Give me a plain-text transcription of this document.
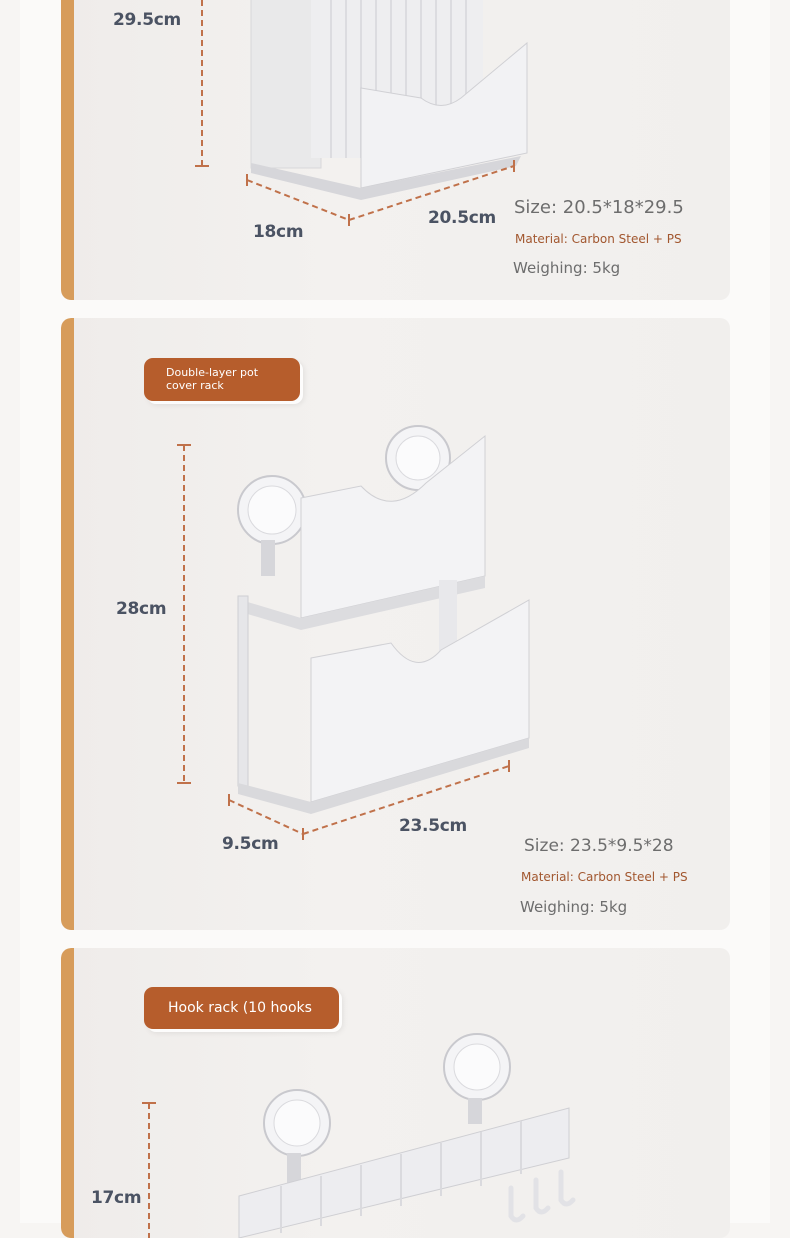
29.5cm
18cm
20.5cm Size: 20.5*18*29.5
Material: Carbon Steel + PS
Weighing: 5kg
Double-layer pot
cover rack
28cm
9.5cm
23.5cm
Size: 23.5*9.5*28
Material: Carbon Steel + PS
Weighing: 5kg
Hook rack (10 hooks
17cm
